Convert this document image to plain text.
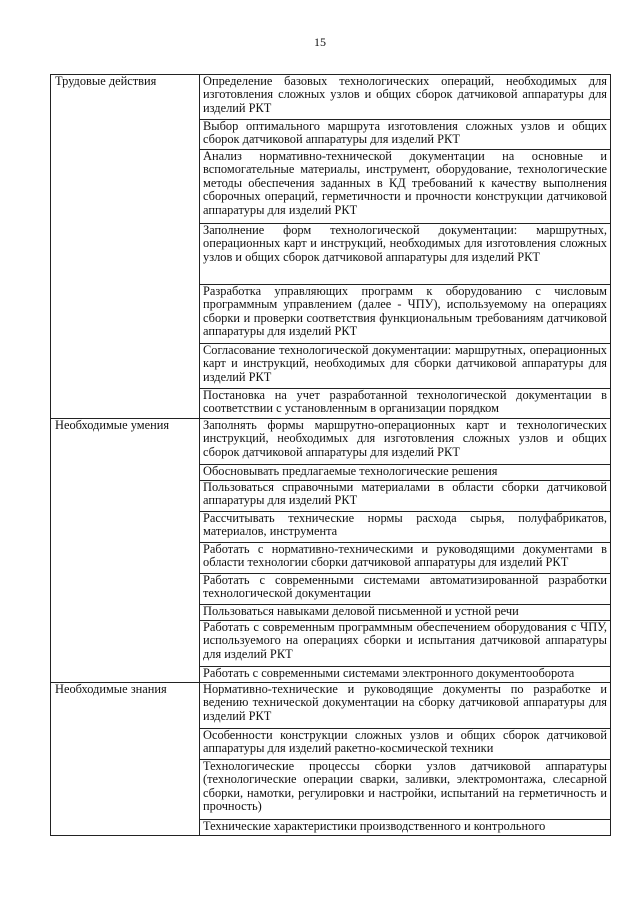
15
Трудовые действия	Определение базовых технологических операций, необходимых для изготовления сложных узлов и общих сборок датчиковой аппаратуры для изделий РКТ
	Выбор оптимального маршрута изготовления сложных узлов и общих сборок датчиковой аппаратуры для изделий РКТ
	Анализ нормативно-технической документации на основные и вспомогательные материалы, инструмент, оборудование, технологические методы обеспечения заданных в КД требований к качеству выполнения сборочных операций, герметичности и прочности конструкции датчиковой аппаратуры для изделий РКТ
	Заполнение форм технологической документации: маршрутных, операционных карт и инструкций, необходимых для изготовления сложных узлов и общих сборок датчиковой аппаратуры для изделий РКТ
	Разработка управляющих программ к оборудованию с числовым программным управлением (далее - ЧПУ), используемому на операциях сборки и проверки соответствия функциональным требованиям датчиковой аппаратуры для изделий РКТ
	Согласование технологической документации: маршрутных, операционных карт и инструкций, необходимых для сборки датчиковой аппаратуры для изделий РКТ
	Постановка на учет разработанной технологической документации в соответствии с установленным в организации порядком
Необходимые умения	Заполнять формы маршрутно-операционных карт и технологических инструкций, необходимых для изготовления сложных узлов и общих сборок датчиковой аппаратуры для изделий РКТ
	Обосновывать предлагаемые технологические решения
	Пользоваться справочными материалами в области сборки датчиковой аппаратуры для изделий РКТ
	Рассчитывать технические нормы расхода сырья, полуфабрикатов, материалов, инструмента
	Работать с нормативно-техническими и руководящими документами в области технологии сборки датчиковой аппаратуры для изделий РКТ
	Работать с современными системами автоматизированной разработки технологической документации
	Пользоваться навыками деловой письменной и устной речи
	Работать с современным программным обеспечением оборудования с ЧПУ, используемого на операциях сборки и испытания датчиковой аппаратуры для изделий РКТ
	Работать с современными системами электронного документооборота
Необходимые знания	Нормативно-технические и руководящие документы по разработке и ведению технической документации на сборку датчиковой аппаратуры для изделий РКТ
	Особенности конструкции сложных узлов и общих сборок датчиковой аппаратуры для изделий ракетно-космической техники
	Технологические процессы сборки узлов датчиковой аппаратуры (технологические операции сварки, заливки, электромонтажа, слесарной сборки, намотки, регулировки и настройки, испытаний на герметичность и прочность)
	Технические характеристики производственного и контрольного
